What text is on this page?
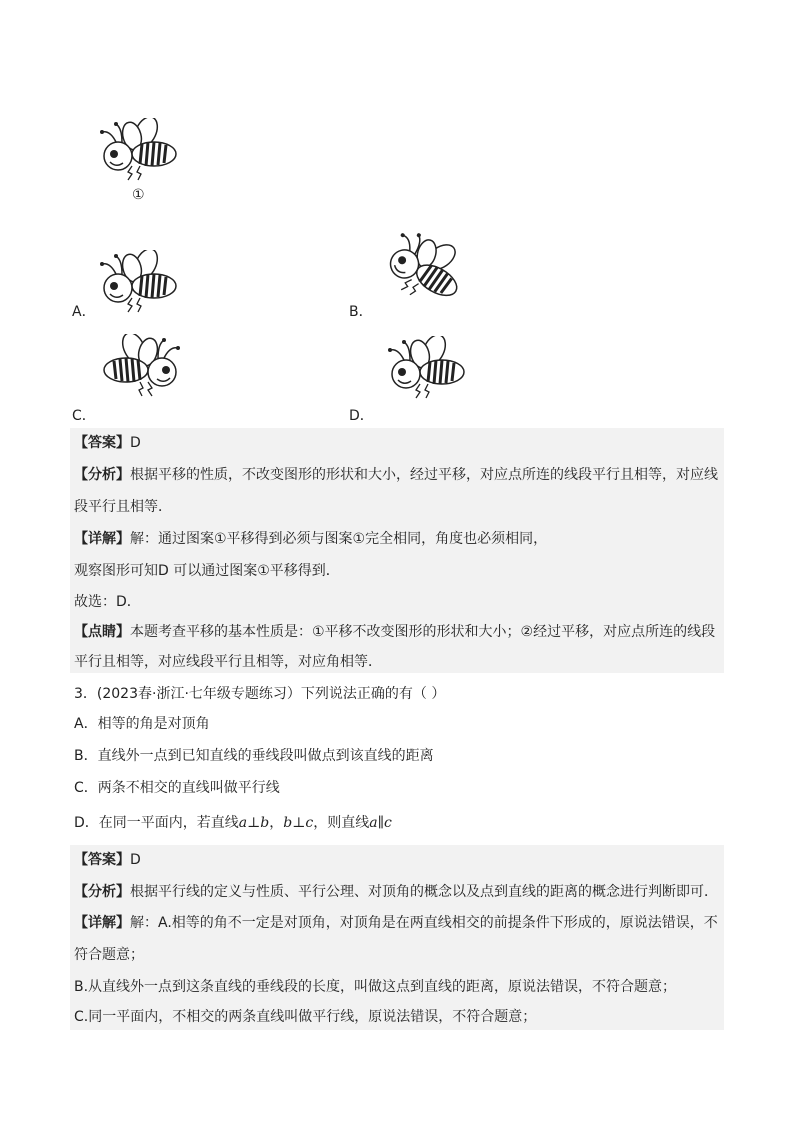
①
A．	B．
C．	D．
【答案】D
【分析】根据平移的性质，不改变图形的形状和大小，经过平移，对应点所连的线段平行且相等，对应线
段平行且相等．
【详解】解：通过图案①平移得到必须与图案①完全相同，角度也必须相同，
观察图形可知D 可以通过图案①平移得到．
故选：D．
【点睛】本题考查平移的基本性质是：①平移不改变图形的形状和大小；②经过平移，对应点所连的线段
平行且相等，对应线段平行且相等，对应角相等．
3．(2023春·浙江·七年级专题练习）下列说法正确的有（ ）
A．相等的角是对顶角
B．直线外一点到已知直线的垂线段叫做点到该直线的距离
C．两条不相交的直线叫做平行线
D．在同一平面内，若直线a⊥b，b⊥c，则直线a∥c
【答案】D
【分析】根据平行线的定义与性质、平行公理、对顶角的概念以及点到直线的距离的概念进行判断即可．
【详解】解：A.相等的角不一定是对顶角，对顶角是在两直线相交的前提条件下形成的，原说法错误，不
符合题意；
B.从直线外一点到这条直线的垂线段的长度，叫做这点到直线的距离，原说法错误，不符合题意；
C.同一平面内，不相交的两条直线叫做平行线，原说法错误，不符合题意；
